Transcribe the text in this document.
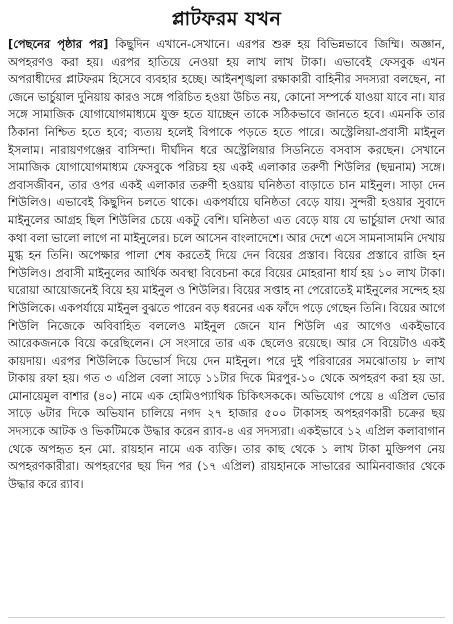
প্লাটফরম যখন

[পেছনের পৃষ্ঠার পর] কিছুদিন এখানে-সেখানে। এরপর শুরু হয় বিভিন্নভাবে জিম্মি। অজ্ঞান, অপহরণও করা হয়। এরপর হাতিয়ে নেওয়া হয় লাখ লাখ টাকা। এভাবেই ফেসবুক এখন অপরাধীদের প্লাটফরম হিসেবে ব্যবহার হচ্ছে। আইনশৃঙ্খলা রক্ষাকারী বাহিনীর সদস্যরা বলছেন, না জেনে ভার্চুয়াল দুনিয়ায় কারও সঙ্গে পরিচিত হওয়া উচিত নয়, কোনো সম্পর্কে যাওয়া যাবে না। যার সঙ্গে সামাজিক যোগাযোগমাধ্যমে যুক্ত হতে যাচ্ছেন তাকে সঠিকভাবে জানতে হবে। এমনকি তার ঠিকানা নিশ্চিত হতে হবে; ব্যত্যয় হলেই বিপাকে পড়তে হতে পারে। অস্ট্রেলিয়া-প্রবাসী মাইনুল ইসলাম। নারায়ণগঞ্জের বাসিন্দা। দীর্ঘদিন ধরে অস্ট্রেলিয়ার সিডনিতে বসবাস করছেন। সেখানে সামাজিক যোগাযোগমাধ্যম ফেসবুকে পরিচয় হয় একই এলাকার তরুণী শিউলির (ছদ্মনাম) সঙ্গে। প্রবাসজীবন, তার ওপর একই এলাকার তরুণী হওয়ায় ঘনিষ্ঠতা বাড়াতে চান মাইনুল। সাড়া দেন শিউলিও। এভাবেই কিছুদিন চলতে থাকে। একপর্যায়ে ঘনিষ্ঠতা বেড়ে যায়। সুন্দরী হওয়ার সুবাদে মাইনুলের আগ্রহ ছিল শিউলির চেয়ে একটু বেশি। ঘনিষ্ঠতা এত বেড়ে যায় যে ভার্চুয়াল দেখা আর কথা বলা ভালো লাগে না মাইনুলের। চলে আসেন বাংলাদেশে। আর দেশে এসে সামনাসামনি দেখায় মুগ্ধ হন তিনি। অপেক্ষার পালা শেষ করতেই দিয়ে দেন বিয়ের প্রস্তাব। বিয়ের প্রস্তাবে রাজি হন শিউলিও। প্রবাসী মাইনুলের আর্থিক অবস্থা বিবেচনা করে বিয়ের মোহরানা ধার্য হয় ১০ লাখ টাকা। ঘরোয়া আয়োজনেই বিয়ে হয় মাইনুল ও শিউলির। বিয়ের সপ্তাহ না পেরোতেই মাইনুলের সন্দেহ হয় শিউলিকে। একপর্যায়ে মাইনুল বুঝতে পারেন বড় ধরনের এক ফাঁদে পড়ে গেছেন তিনি। বিয়ের আগে শিউলি নিজেকে অবিবাহিত বললেও মাইনুল জেনে যান শিউলি এর আগেও একইভাবে আরেকজনকে বিয়ে করেছিলেন। সে সংসারে তার এক ছেলেও রয়েছে। আর সে বিয়েটাও একই কায়দায়। এরপর শিউলিকে ডিভোর্স দিয়ে দেন মাইনুল। পরে দুই পরিবারের সমঝোতায় ৮ লাখ টাকায় রফা হয়। গত ৩ এপ্রিল বেলা সাড়ে ১১টার দিকে মিরপুর-১০ থেকে অপহরণ করা হয় ডা. মোনায়েমুল বাশার (৪০) নামে এক হোমিওপ্যাথিক চিকিৎসককে। অভিযোগ পেয়ে ৪ এপ্রিল ভোর সাড়ে ৬টার দিকে অভিযান চালিয়ে নগদ ২৭ হাজার ৫০০ টাকাসহ অপহরণকারী চক্রের ছয় সদস্যকে আটক ও ভিকটিমকে উদ্ধার করেন র‌্যাব-৪ এর সদস্যরা। একইভাবে ১২ এপ্রিল কলাবাগান থেকে অপহৃত হন মো. রায়হান নামে এক ব্যক্তি। তার কাছ থেকে ১ লাখ টাকা মুক্তিপণ নেয় অপহরণকারীরা। অপহরণের ছয় দিন পর (১৭ এপ্রিল) রায়হানকে সাভারের আমিনবাজার থেকে উদ্ধার করে র‌্যাব।
